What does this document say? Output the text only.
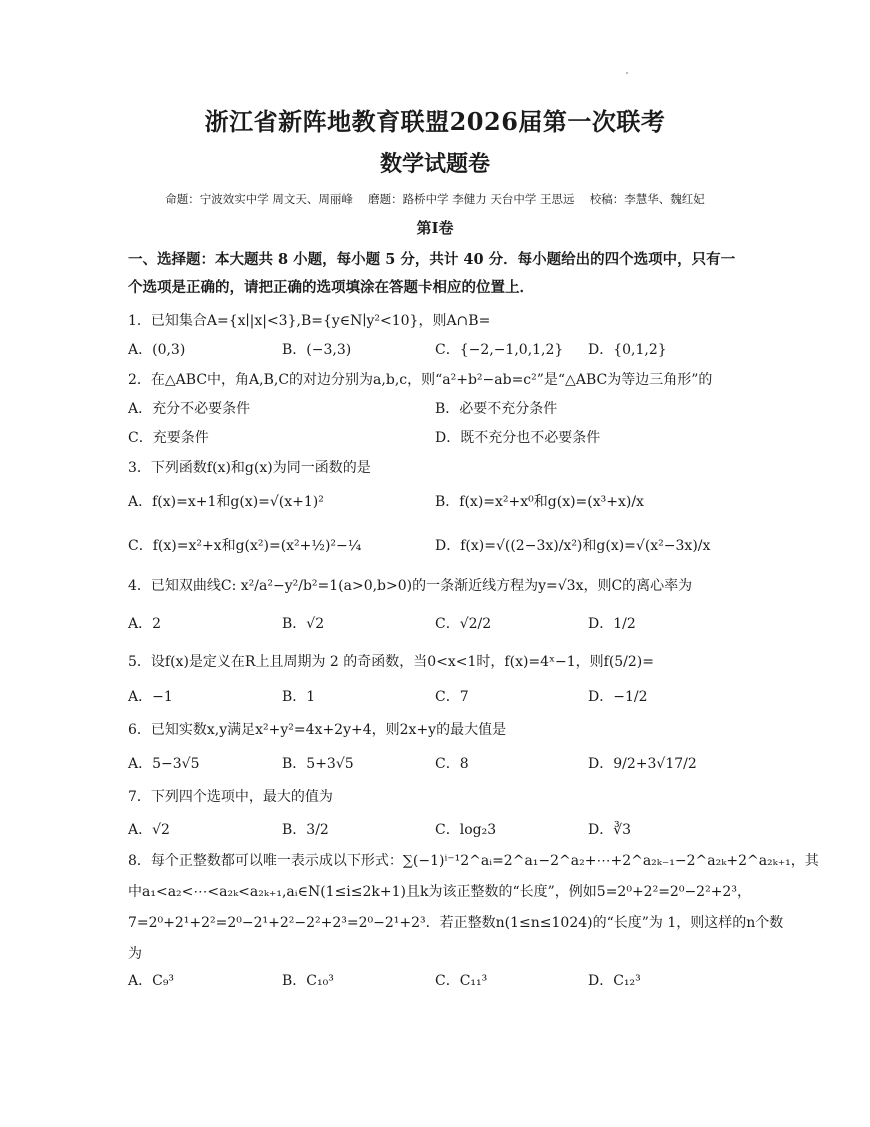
浙江省新阵地教育联盟2026届第一次联考
数学试题卷
命题：宁波效实中学 周文天、周丽峰　 磨题：路桥中学 李健力 天台中学 王思远　 校稿：李慧华、魏红妃
第Ⅰ卷
一、选择题：本大题共 8 小题，每小题 5 分，共计 40 分．每小题给出的四个选项中，只有一
个选项是正确的，请把正确的选项填涂在答题卡相应的位置上．
1．已知集合A={x∣|x|<3},B={y∈N∣y²<10}，则A∩B=
A．(0,3)	B．(−3,3)	C．{−2,−1,0,1,2} D．{0,1,2}
2．在△ABC中，角A,B,C的对边分别为a,b,c，则“a²+b²−ab=c²”是“△ABC为等边三角形”的
A．充分不必要条件	B．必要不充分条件
C．充要条件	D．既不充分也不必要条件
3．下列函数f(x)和g(x)为同一函数的是
A．f(x)=x+1和g(x)=√(x+1)²	B．f(x)=x²+x⁰和g(x)=(x³+x)/x
C．f(x)=x²+x和g(x²)=(x²+½)²−¼	D．f(x)=√((2−3x)/x²)和g(x)=√(x²−3x)/x
4．已知双曲线C: x²/a²−y²/b²=1(a>0,b>0)的一条渐近线方程为y=√3x，则C的离心率为
A．2	B．√2	C．√2/2	D．1/2
5．设f(x)是定义在R上且周期为 2 的奇函数，当0<x<1时，f(x)=4ˣ−1，则f(5/2)=
A．−1	B．1	C．7	D．−1/2
6．已知实数x,y满足x²+y²=4x+2y+4，则2x+y的最大值是
A．5−3√5	B．5+3√5	C．8	D．9/2+3√17/2
7．下列四个选项中，最大的值为
A．√2	B．3/2	C．log₂3	D．∛3
8．每个正整数都可以唯一表示成以下形式：∑(−1)ⁱ⁻¹2^aᵢ=2^a₁−2^a₂+⋯+2^a₂ₖ₋₁−2^a₂ₖ+2^a₂ₖ₊₁，其
中a₁<a₂<⋯<a₂ₖ<a₂ₖ₊₁,aᵢ∈N(1≤i≤2k+1)且k为该正整数的“长度”，例如5=2⁰+2²=2⁰−2²+2³，
7=2⁰+2¹+2²=2⁰−2¹+2²−2²+2³=2⁰−2¹+2³．若正整数n(1≤n≤1024)的“长度”为 1，则这样的n个数
为
A．C₉³	B．C₁₀³	C．C₁₁³	D．C₁₂³
